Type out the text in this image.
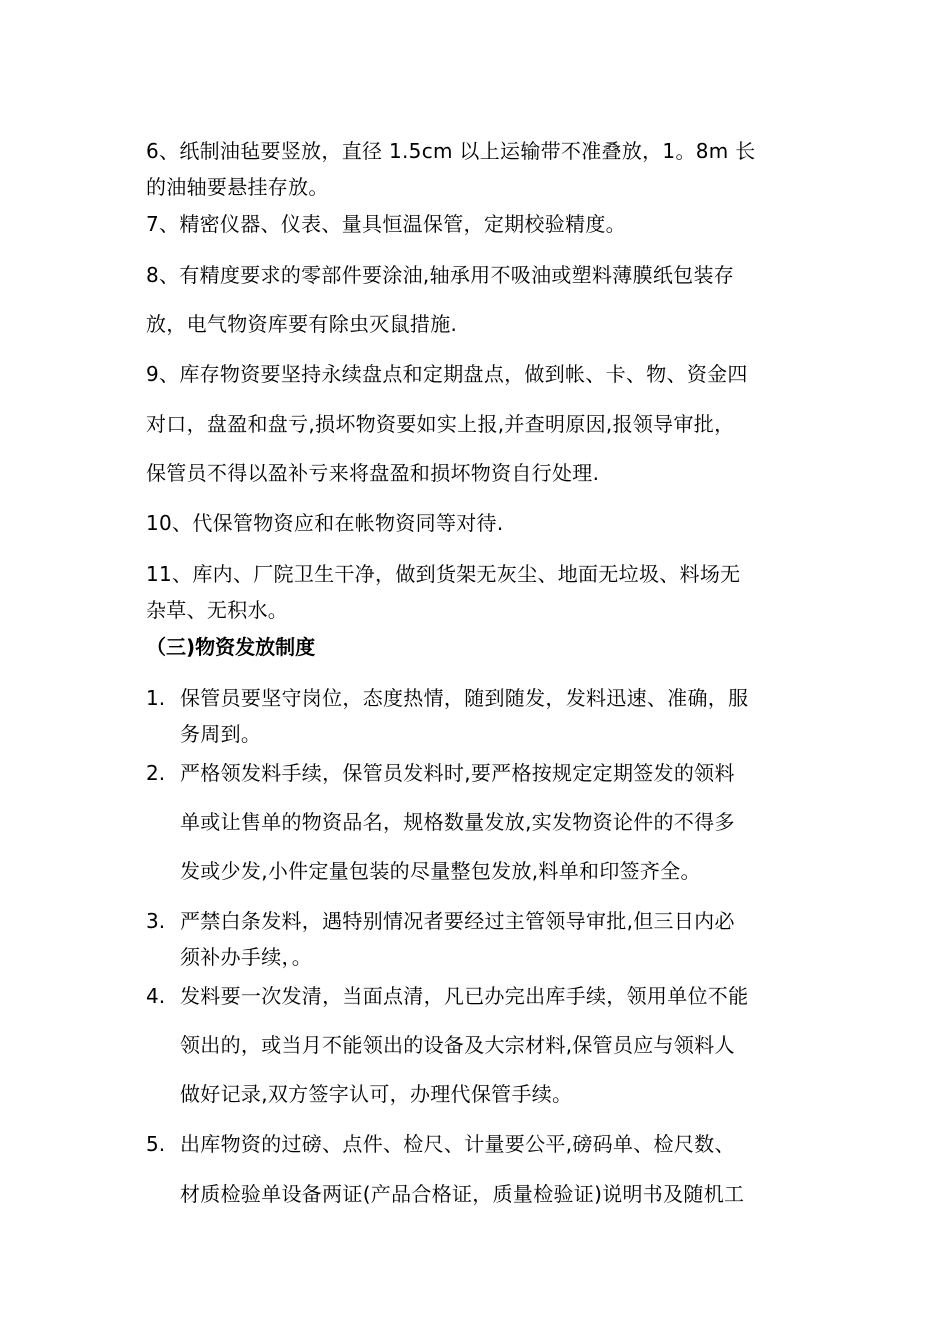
6、纸制油毡要竖放，直径 1.5cm 以上运输带不准叠放，1。8m 长
的油轴要悬挂存放。
7、精密仪器、仪表、量具恒温保管，定期校验精度。
8、有精度要求的零部件要涂油,轴承用不吸油或塑料薄膜纸包装存
放，电气物资库要有除虫灭鼠措施.
9、库存物资要坚持永续盘点和定期盘点，做到帐、卡、物、资金四
对口，盘盈和盘亏,损坏物资要如实上报,并查明原因,报领导审批，
保管员不得以盈补亏来将盘盈和损坏物资自行处理.
10、代保管物资应和在帐物资同等对待.
11、库内、厂院卫生干净，做到货架无灰尘、地面无垃圾、料场无
杂草、无积水。
（三)物资发放制度
1. 保管员要坚守岗位，态度热情，随到随发，发料迅速、准确，服
务周到。
2. 严格领发料手续，保管员发料时,要严格按规定定期签发的领料
单或让售单的物资品名，规格数量发放,实发物资论件的不得多
发或少发,小件定量包装的尽量整包发放,料单和印签齐全。
3. 严禁白条发料，遇特别情况者要经过主管领导审批,但三日内必
须补办手续，。
4. 发料要一次发清，当面点清，凡已办完出库手续，领用单位不能
领出的，或当月不能领出的设备及大宗材料,保管员应与领料人
做好记录,双方签字认可，办理代保管手续。
5. 出库物资的过磅、点件、检尺、计量要公平,磅码单、检尺数、
材质检验单设备两证(产品合格证，质量检验证)说明书及随机工
